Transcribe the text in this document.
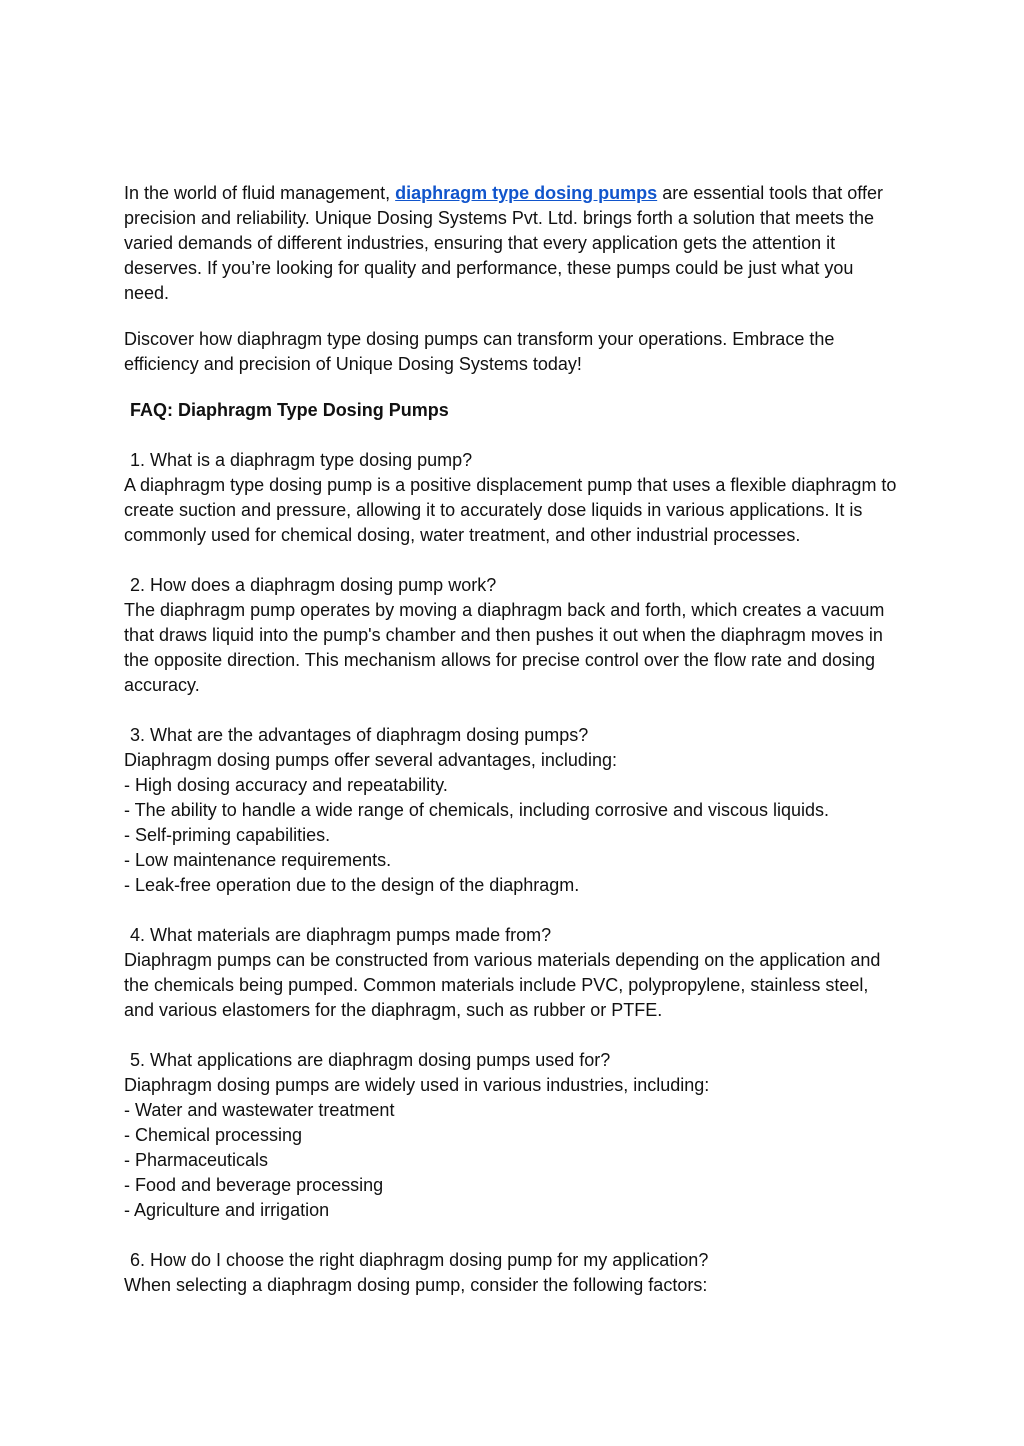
In the world of fluid management, diaphragm type dosing pumps are essential tools that offer precision and reliability. Unique Dosing Systems Pvt. Ltd. brings forth a solution that meets the varied demands of different industries, ensuring that every application gets the attention it deserves. If you’re looking for quality and performance, these pumps could be just what you need.

Discover how diaphragm type dosing pumps can transform your operations. Embrace the efficiency and precision of Unique Dosing Systems today!

FAQ: Diaphragm Type Dosing Pumps

1. What is a diaphragm type dosing pump?
A diaphragm type dosing pump is a positive displacement pump that uses a flexible diaphragm to create suction and pressure, allowing it to accurately dose liquids in various applications. It is commonly used for chemical dosing, water treatment, and other industrial processes.
2. How does a diaphragm dosing pump work?
The diaphragm pump operates by moving a diaphragm back and forth, which creates a vacuum that draws liquid into the pump's chamber and then pushes it out when the diaphragm moves in the opposite direction. This mechanism allows for precise control over the flow rate and dosing accuracy.
3. What are the advantages of diaphragm dosing pumps?
Diaphragm dosing pumps offer several advantages, including:
- High dosing accuracy and repeatability.
- The ability to handle a wide range of chemicals, including corrosive and viscous liquids.
- Self-priming capabilities.
- Low maintenance requirements.
- Leak-free operation due to the design of the diaphragm.
4. What materials are diaphragm pumps made from?
Diaphragm pumps can be constructed from various materials depending on the application and the chemicals being pumped. Common materials include PVC, polypropylene, stainless steel, and various elastomers for the diaphragm, such as rubber or PTFE.
5. What applications are diaphragm dosing pumps used for?
Diaphragm dosing pumps are widely used in various industries, including:
- Water and wastewater treatment
- Chemical processing
- Pharmaceuticals
- Food and beverage processing
- Agriculture and irrigation
6. How do I choose the right diaphragm dosing pump for my application?
When selecting a diaphragm dosing pump, consider the following factors:
